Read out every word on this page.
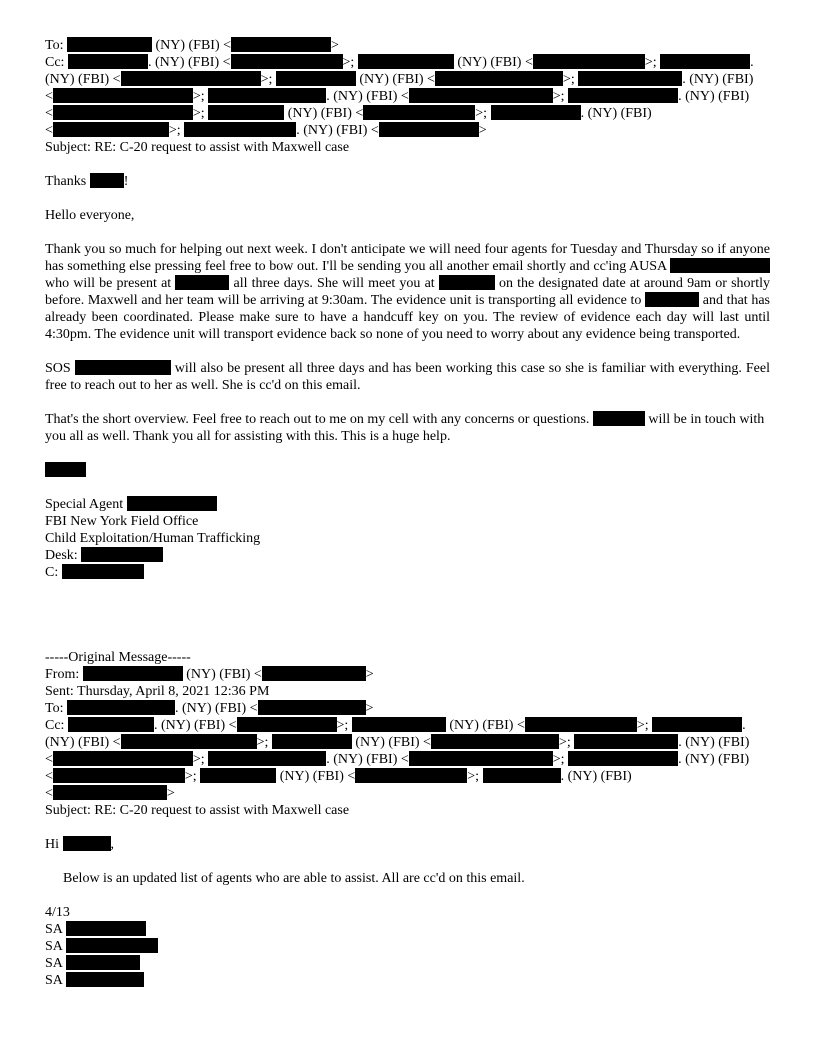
To:	(NY) (FBI) <	>
Cc:	. (NY) (FBI) <	>;	(NY) (FBI) <	>;	.
(NY) (FBI) <	>;	(NY) (FBI) <	>;	. (NY) (FBI)
<	>;	. (NY) (FBI) <	>;	. (NY) (FBI)
<	>;	(NY) (FBI) <	>;	. (NY) (FBI)
<	>;	. (NY) (FBI) <	>
Subject: RE: C-20 request to assist with Maxwell case
Thanks	!
Hello everyone,
Thank you so much for helping out next week. I don't anticipate we will need four agents for Tuesday and Thursday so if anyone has something else pressing feel free to bow out. I'll be sending you all another email shortly and cc'ing AUSA  who will be present at	all three days. She will meet you at	on the designated date at around 9am or shortly before. Maxwell and her team will be arriving at 9:30am. The evidence unit is transporting all evidence to	and that has already been coordinated. Please make sure to have a handcuff key on you. The review of evidence each day will last until 4:30pm. The evidence unit will transport evidence back so none of you need to worry about any evidence being transported.
SOS	will also be present all three days and has been working this case so she is familiar with everything. Feel free to reach out to her as well. She is cc'd on this email.
That's the short overview. Feel free to reach out to me on my cell with any concerns or questions.	will be in touch with you all as well. Thank you all for assisting with this. This is a huge help.
Special Agent
FBI New York Field Office
Child Exploitation/Human Trafficking
Desk:
C:
-----Original Message-----
From:	(NY) (FBI) <	>
Sent: Thursday, April 8, 2021 12:36 PM
To:	. (NY) (FBI) <	>
Cc:	. (NY) (FBI) <	>;	(NY) (FBI) <	>;	.
(NY) (FBI) <	>;	(NY) (FBI) <	>;	. (NY) (FBI)
<	>;	. (NY) (FBI) <	>;	. (NY) (FBI)
<	>;	(NY) (FBI) <	>;	. (NY) (FBI)
<	>
Subject: RE: C-20 request to assist with Maxwell case
Hi	,
Below is an updated list of agents who are able to assist. All are cc'd on this email.
4/13
SA
SA
SA
SA
